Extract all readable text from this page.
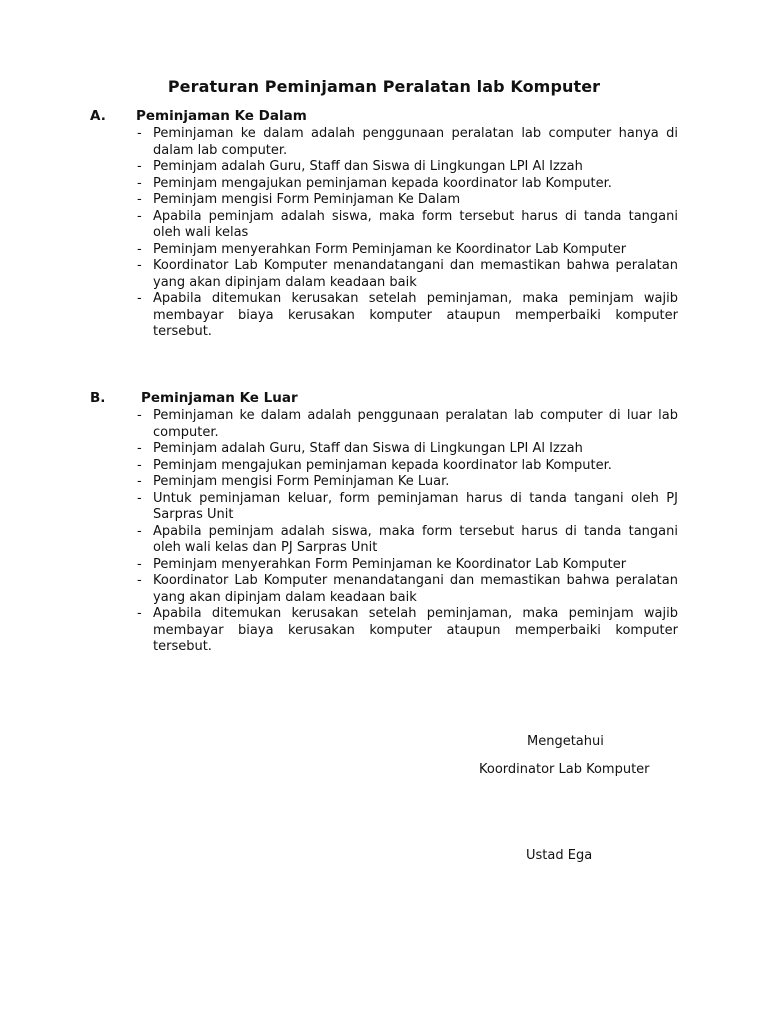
Peraturan Peminjaman Peralatan lab Komputer
A. Peminjaman Ke Dalam
- Peminjaman ke dalam adalah penggunaan peralatan lab computer hanya di dalam lab computer.
- Peminjam adalah Guru, Staff dan Siswa di Lingkungan LPI Al Izzah
- Peminjam mengajukan peminjaman kepada koordinator lab Komputer.
- Peminjam mengisi Form Peminjaman Ke Dalam
- Apabila peminjam adalah siswa, maka form tersebut harus di tanda tangani oleh wali kelas
- Peminjam menyerahkan Form Peminjaman ke Koordinator Lab Komputer
- Koordinator Lab Komputer menandatangani dan memastikan bahwa peralatan yang akan dipinjam dalam keadaan baik
- Apabila ditemukan kerusakan setelah peminjaman, maka peminjam wajib membayar biaya kerusakan komputer ataupun memperbaiki komputer tersebut.
B.	Peminjaman Ke Luar
- Peminjaman ke dalam adalah penggunaan peralatan lab computer di luar lab computer.
- Peminjam adalah Guru, Staff dan Siswa di Lingkungan LPI Al Izzah
- Peminjam mengajukan peminjaman kepada koordinator lab Komputer.
- Peminjam mengisi Form Peminjaman Ke Luar.
- Untuk peminjaman keluar, form peminjaman harus di tanda tangani oleh PJ Sarpras Unit
- Apabila peminjam adalah siswa, maka form tersebut harus di tanda tangani oleh wali kelas dan PJ Sarpras Unit
- Peminjam menyerahkan Form Peminjaman ke Koordinator Lab Komputer
- Koordinator Lab Komputer menandatangani dan memastikan bahwa peralatan yang akan dipinjam dalam keadaan baik
- Apabila ditemukan kerusakan setelah peminjaman, maka peminjam wajib membayar biaya kerusakan komputer ataupun memperbaiki komputer tersebut.
Mengetahui
Koordinator Lab Komputer
Ustad Ega
